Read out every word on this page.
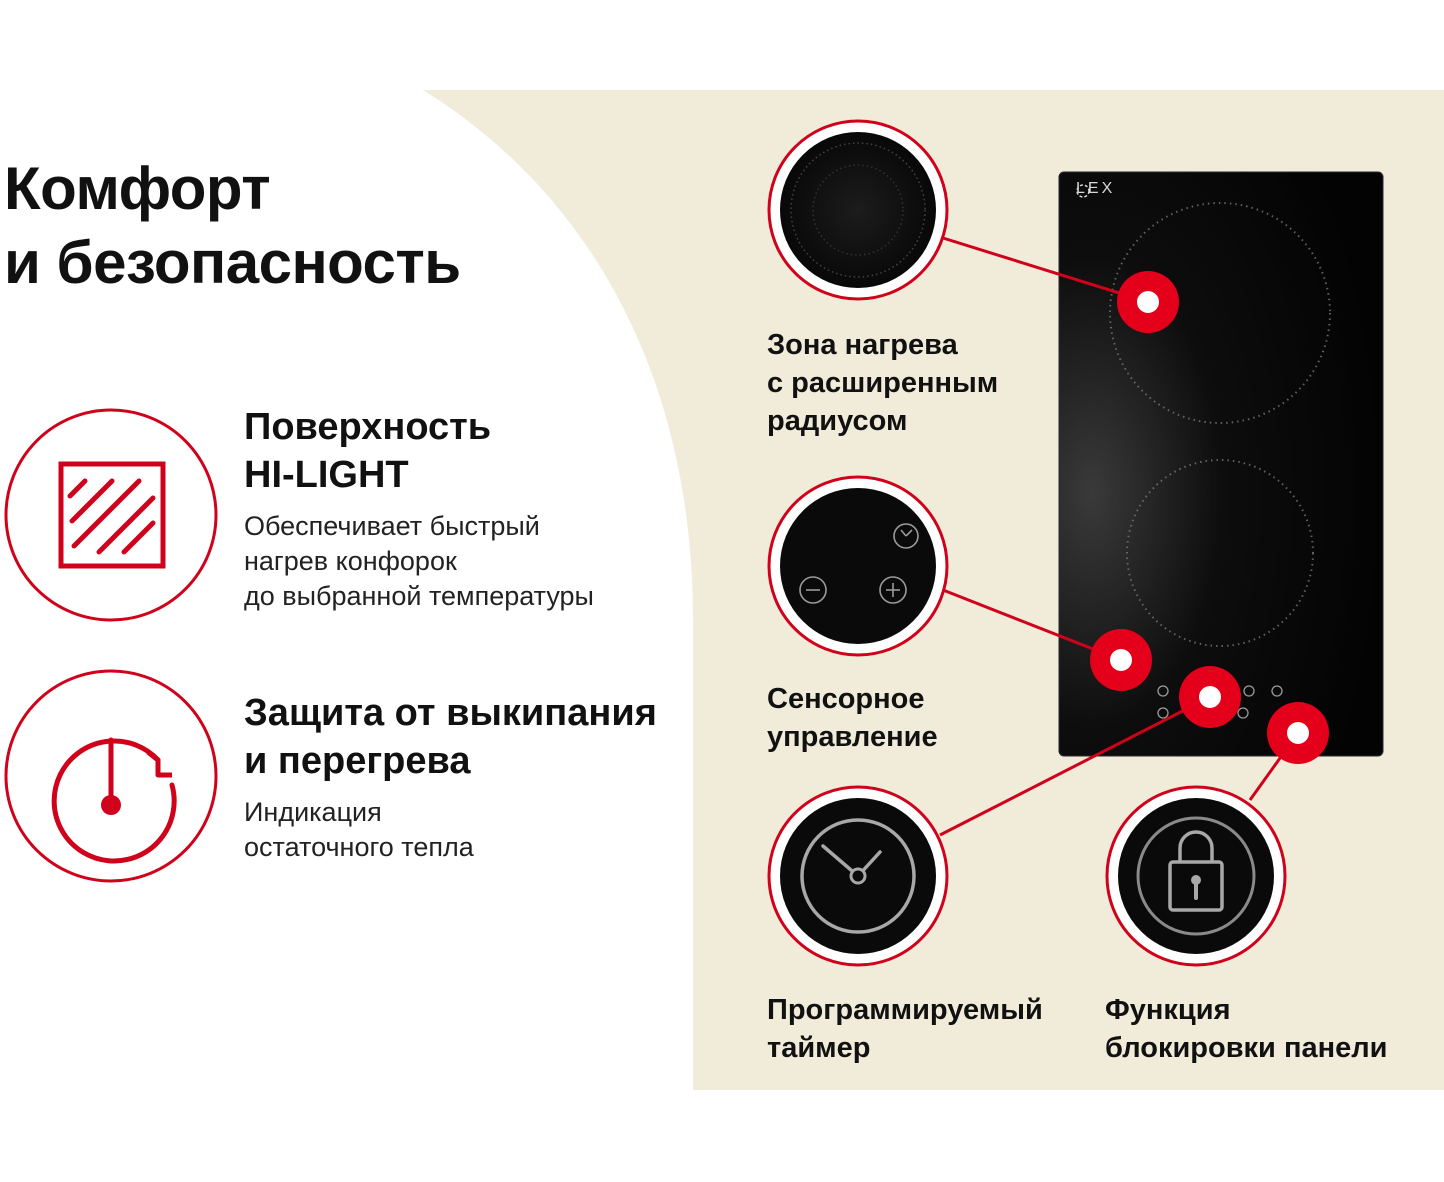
LEX
Комфорт
и безопасность
Поверхность
HI-LIGHT
Обеспечивает быстрый
нагрев конфорок
до выбранной температуры
Защита от выкипания
и перегрева
Индикация
остаточного тепла
Зона нагрева
с расширенным
радиусом
Сенсорное
управление
Программируемый
таймер
Функция
блокировки панели
